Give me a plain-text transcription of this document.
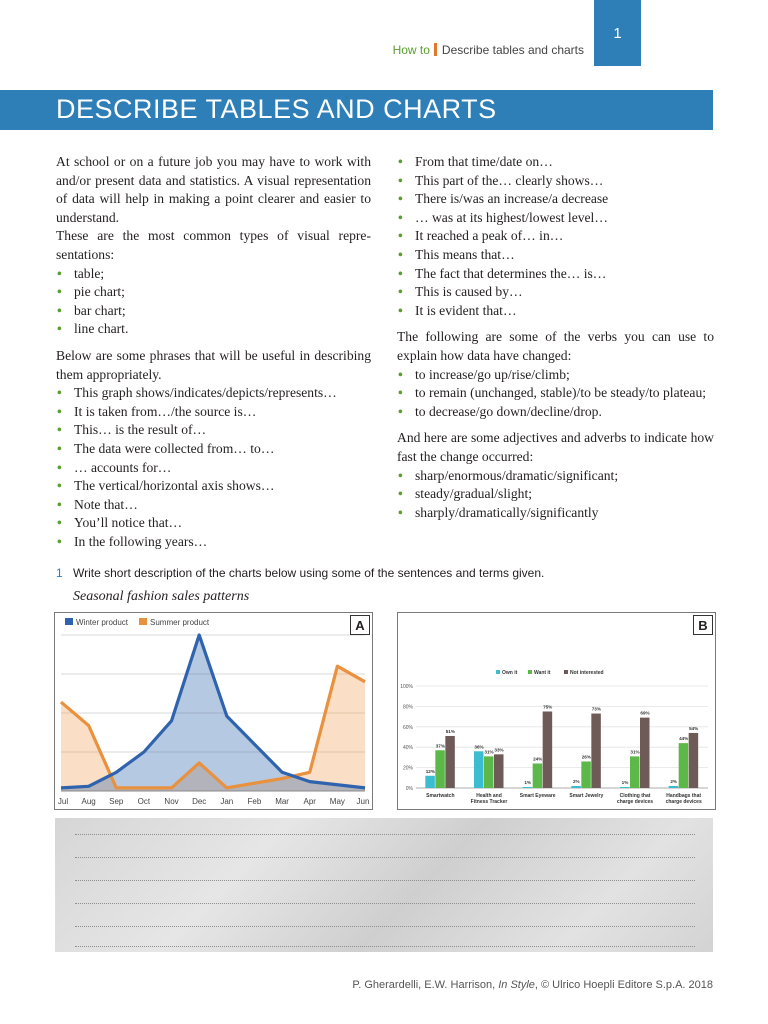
How to Describe tables and charts
1
DESCRIBE TABLES AND CHARTS

At school or on a future job you may have to work with and/or present data and statistics. A visual representation of data will help in making a point clearer and easier to understand.

These are the most common types of visual representations:

• table;
• pie chart;
• bar chart;
• line chart.

Below are some phrases that will be useful in describing them appropriately.

• This graph shows/indicates/depicts/represents…
• It is taken from…/the source is…
• This… is the result of…
• The data were collected from… to…
• … accounts for…
• The vertical/horizontal axis shows…
• Note that…
• You’ll notice that…
• In the following years…
• From that time/date on…
• This part of the… clearly shows…
• There is/was an increase/a decrease
• … was at its highest/lowest level…
• It reached a peak of… in…
• This means that…
• The fact that determines the… is…
• This is caused by…
• It is evident that…

The following are some of the verbs you can use to explain how data have changed:

• to increase/go up/rise/climb;
• to remain (unchanged, stable)/to be steady/to plateau;
• to decrease/go down/decline/drop.

And here are some adjectives and adverbs to indicate how fast the change occurred:

• sharp/enormous/dramatic/significant;
• steady/gradual/slight;
• sharply/dramatically/significantly
1 Write short description of the charts below using some of the sentences and terms given.
Seasonal fashion sales patterns
Jul Aug Sep Oct Nov Dec Jan Feb Mar Apr May Jun
Winter product	Summer product	A
0%
20%
40%
60%
80%
100%
Own it	Want it	Not interested
12%
37%
51%
Smartwatch
36%
31% 33%
Health and
Fitness Tracker
1%
24%
75%
Smart Eyeware
2%
26%
73%
Smart Jewelry
1%
31%
69%
Clothing that
charge devices
2%
44%
54%
Handbags that
charge devices
B
P. Gherardelli, E.W. Harrison, In Style, © Ulrico Hoepli Editore S.p.A. 2018
